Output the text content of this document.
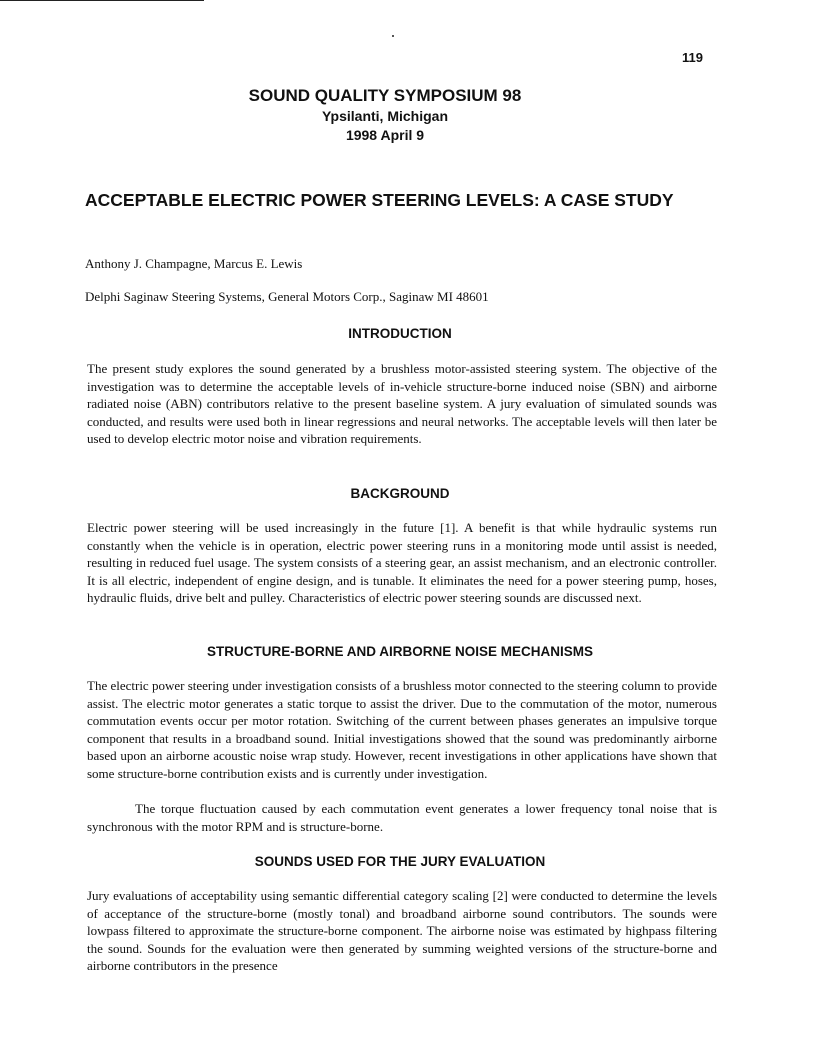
119
SOUND QUALITY SYMPOSIUM 98
Ypsilanti, Michigan
1998 April 9
ACCEPTABLE ELECTRIC POWER STEERING LEVELS: A CASE STUDY
Anthony J. Champagne, Marcus E. Lewis
Delphi Saginaw Steering Systems, General Motors Corp., Saginaw MI 48601
INTRODUCTION

The present study explores the sound generated by a brushless motor-assisted steering system. The objective of the investigation was to determine the acceptable levels of in-vehicle structure-borne induced noise (SBN) and airborne radiated noise (ABN) contributors relative to the present baseline system. A jury evaluation of simulated sounds was conducted, and results were used both in linear regressions and neural networks. The acceptable levels will then later be used to develop electric motor noise and vibration requirements.

BACKGROUND

Electric power steering will be used increasingly in the future [1]. A benefit is that while hydraulic systems run constantly when the vehicle is in operation, electric power steering runs in a monitoring mode until assist is needed, resulting in reduced fuel usage. The system consists of a steering gear, an assist mechanism, and an electronic controller. It is all electric, independent of engine design, and is tunable. It eliminates the need for a power steering pump, hoses, hydraulic fluids, drive belt and pulley. Characteristics of electric power steering sounds are discussed next.

STRUCTURE-BORNE AND AIRBORNE NOISE MECHANISMS

The electric power steering under investigation consists of a brushless motor connected to the steering column to provide assist. The electric motor generates a static torque to assist the driver. Due to the commutation of the motor, numerous commutation events occur per motor rotation. Switching of the current between phases generates an impulsive torque component that results in a broadband sound. Initial investigations showed that the sound was predominantly airborne based upon an airborne acoustic noise wrap study. However, recent investigations in other applications have shown that some structure-borne contribution exists and is currently under investigation.

The torque fluctuation caused by each commutation event generates a lower frequency tonal noise that is synchronous with the motor RPM and is structure-borne.

SOUNDS USED FOR THE JURY EVALUATION

Jury evaluations of acceptability using semantic differential category scaling [2] were conducted to determine the levels of acceptance of the structure-borne (mostly tonal) and broadband airborne sound contributors. The sounds were lowpass filtered to approximate the structure-borne component. The airborne noise was estimated by highpass filtering the sound. Sounds for the evaluation were then generated by summing weighted versions of the structure-borne and airborne contributors in the presence
